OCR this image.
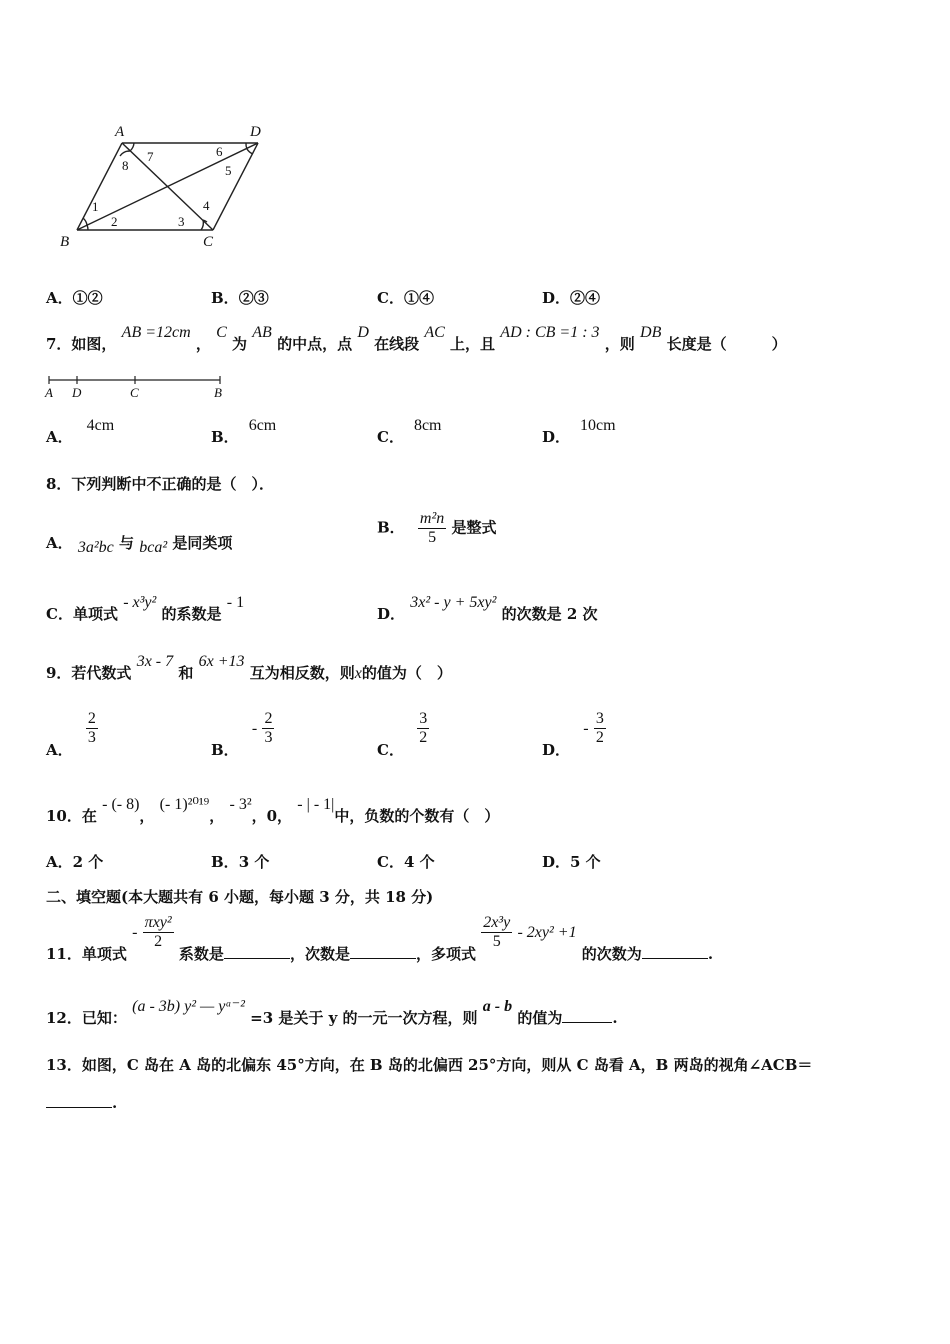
A	D
B	C
8
7	6
5
1
2	3
4
A．①②	B．②③	C．①④	D．②④
7．如图， AB =12cm ， C 为 AB 的中点，点 D 在线段 AC 上，且 AD : CB =1 : 3 ，则 DB 长度是（　　　）
A D	C	B
A．4cm
B．6cm
C．8cm
D．10cm
8．下列判断中不正确的是（　）．
A． 3a²bc 与 bca² 是同类项
B． $\frac{\text{m²n}}{5}$ 是整式
C．单项式 - x³y² 的系数是 - 1
D． 3x² - y + 5xy² 的次数是 2 次
9．若代数式 3x - 7 和 6x +13 互为相反数，则x的值为（　）
A．
$\frac{2}{3}$
B． - $\frac{2}{3}$
C．
$\frac{3}{2}$
D． - $\frac{3}{2}$
10．在 - (- 8)， (- 1)²⁰¹⁹， - 3²，0， - | - 1|中，负数的个数有（　）
A．2 个	B．3 个	C．4 个	D．5 个
二、填空题(本大题共有 6 小题，每小题 3 分，共 18 分)
11．单项式 - $\frac{\text{πxy²}}{2}$
系数是	，次数是	，多项式
$\frac{\text{2x³y}}{5} - 2xy^2 +1$ 的次数为	.
12．已知： (a - 3b) y² — yᵃ⁻² =3 是关于 y 的一元一次方程，则 a - b 的值为	.
13．如图，C 岛在 A 岛的北偏东 45°方向，在 B 岛的北偏西 25°方向，则从 C 岛看 A，B 两岛的视角∠ACB＝
.
